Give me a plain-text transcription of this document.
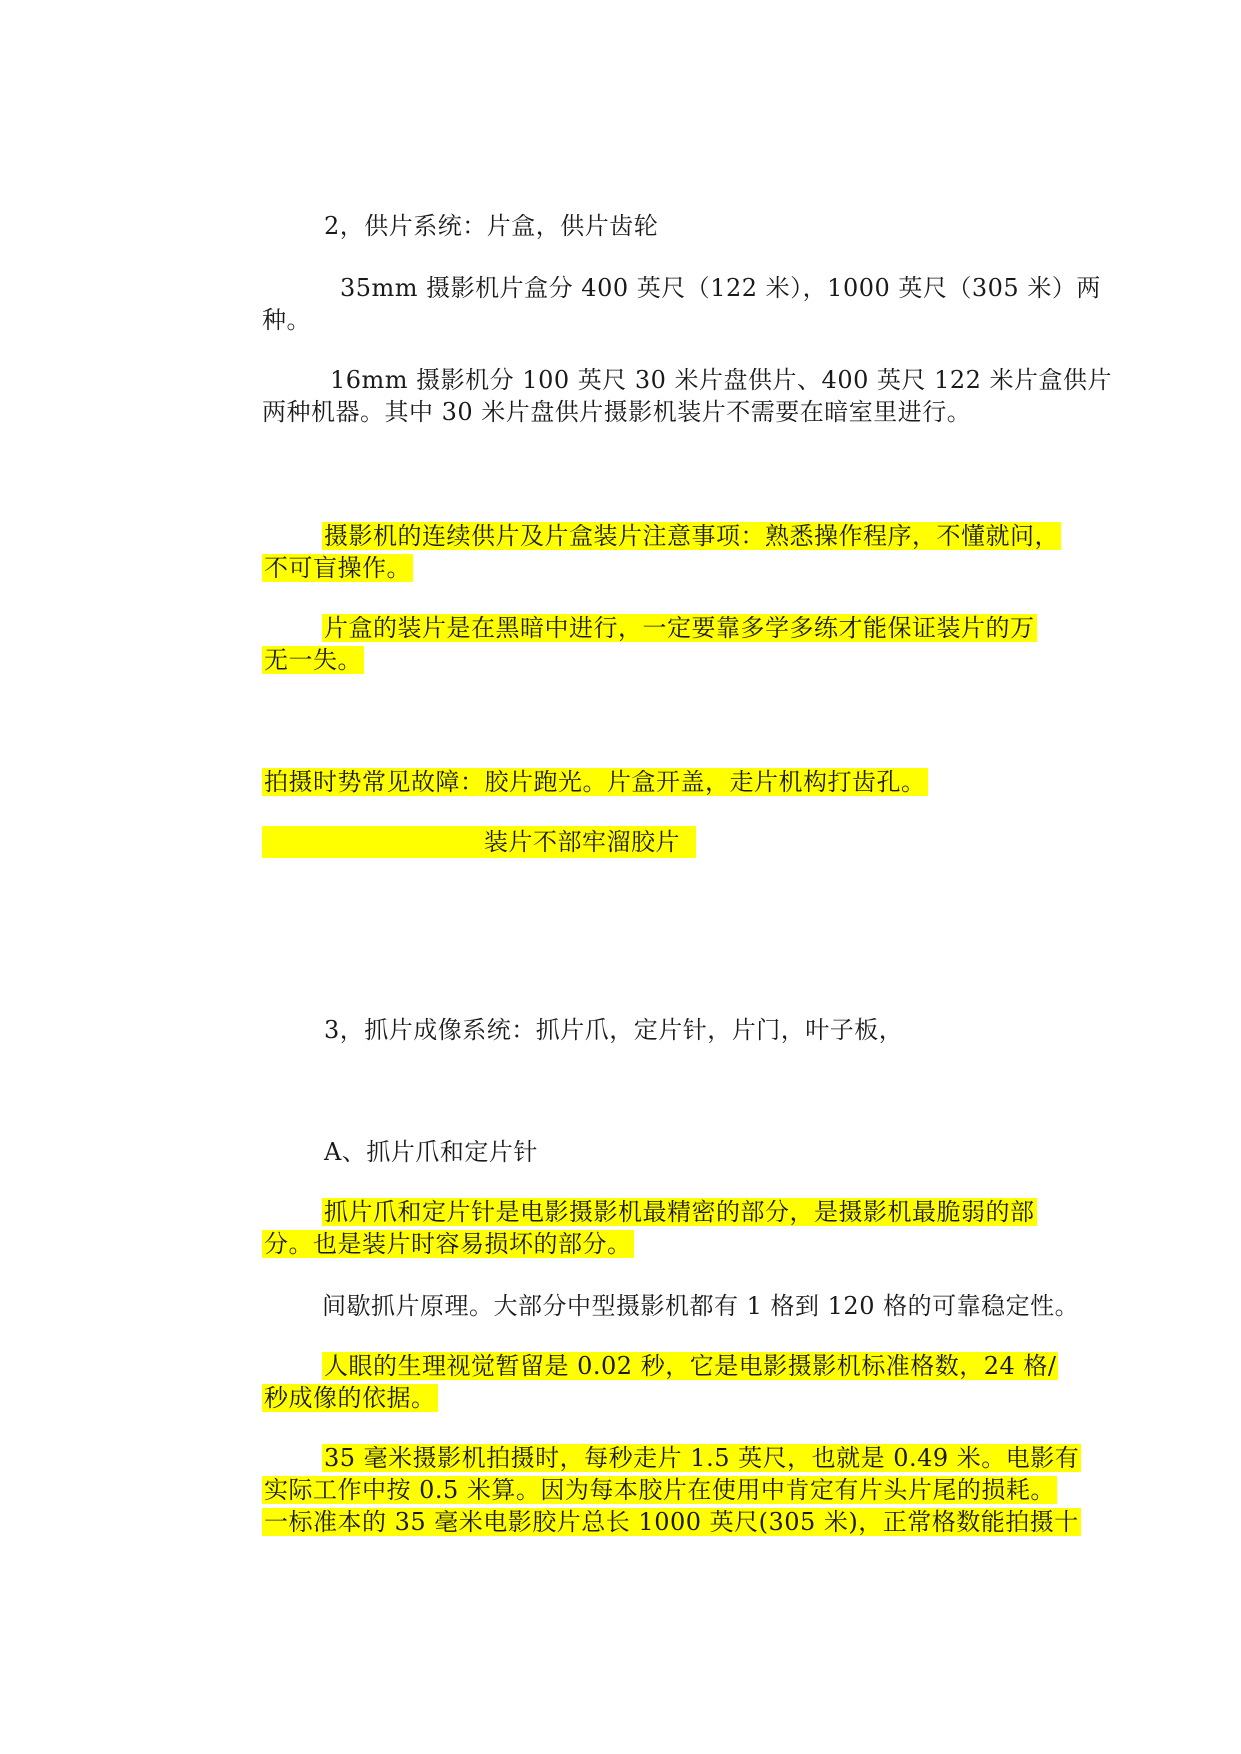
2，供片系统：片盒，供片齿轮
35mm 摄影机片盒分 400 英尺（122 米），1000 英尺（305 米）两
种。
16mm 摄影机分 100 英尺 30 米片盘供片、400 英尺 122 米片盒供片
两种机器。其中 30 米片盘供片摄影机装片不需要在暗室里进行。
摄影机的连续供片及片盒装片注意事项：熟悉操作程序，不懂就问，
不可盲操作。
片盒的装片是在黑暗中进行，一定要靠多学多练才能保证装片的万
无一失。
拍摄时势常见故障：胶片跑光。片盒开盖，走片机构打齿孔。
装片不部牢溜胶片
3，抓片成像系统：抓片爪，定片针，片门，叶子板，
A、抓片爪和定片针
抓片爪和定片针是电影摄影机最精密的部分，是摄影机最脆弱的部
分。也是装片时容易损坏的部分。
间歇抓片原理。大部分中型摄影机都有 1 格到 120 格的可靠稳定性。
人眼的生理视觉暂留是 0.02 秒，它是电影摄影机标准格数，24 格/
秒成像的依据。
35 毫米摄影机拍摄时，每秒走片 1.5 英尺，也就是 0.49 米。电影有
实际工作中按 0.5 米算。因为每本胶片在使用中肯定有片头片尾的损耗。
一标准本的 35 毫米电影胶片总长 1000 英尺(305 米)，正常格数能拍摄十
